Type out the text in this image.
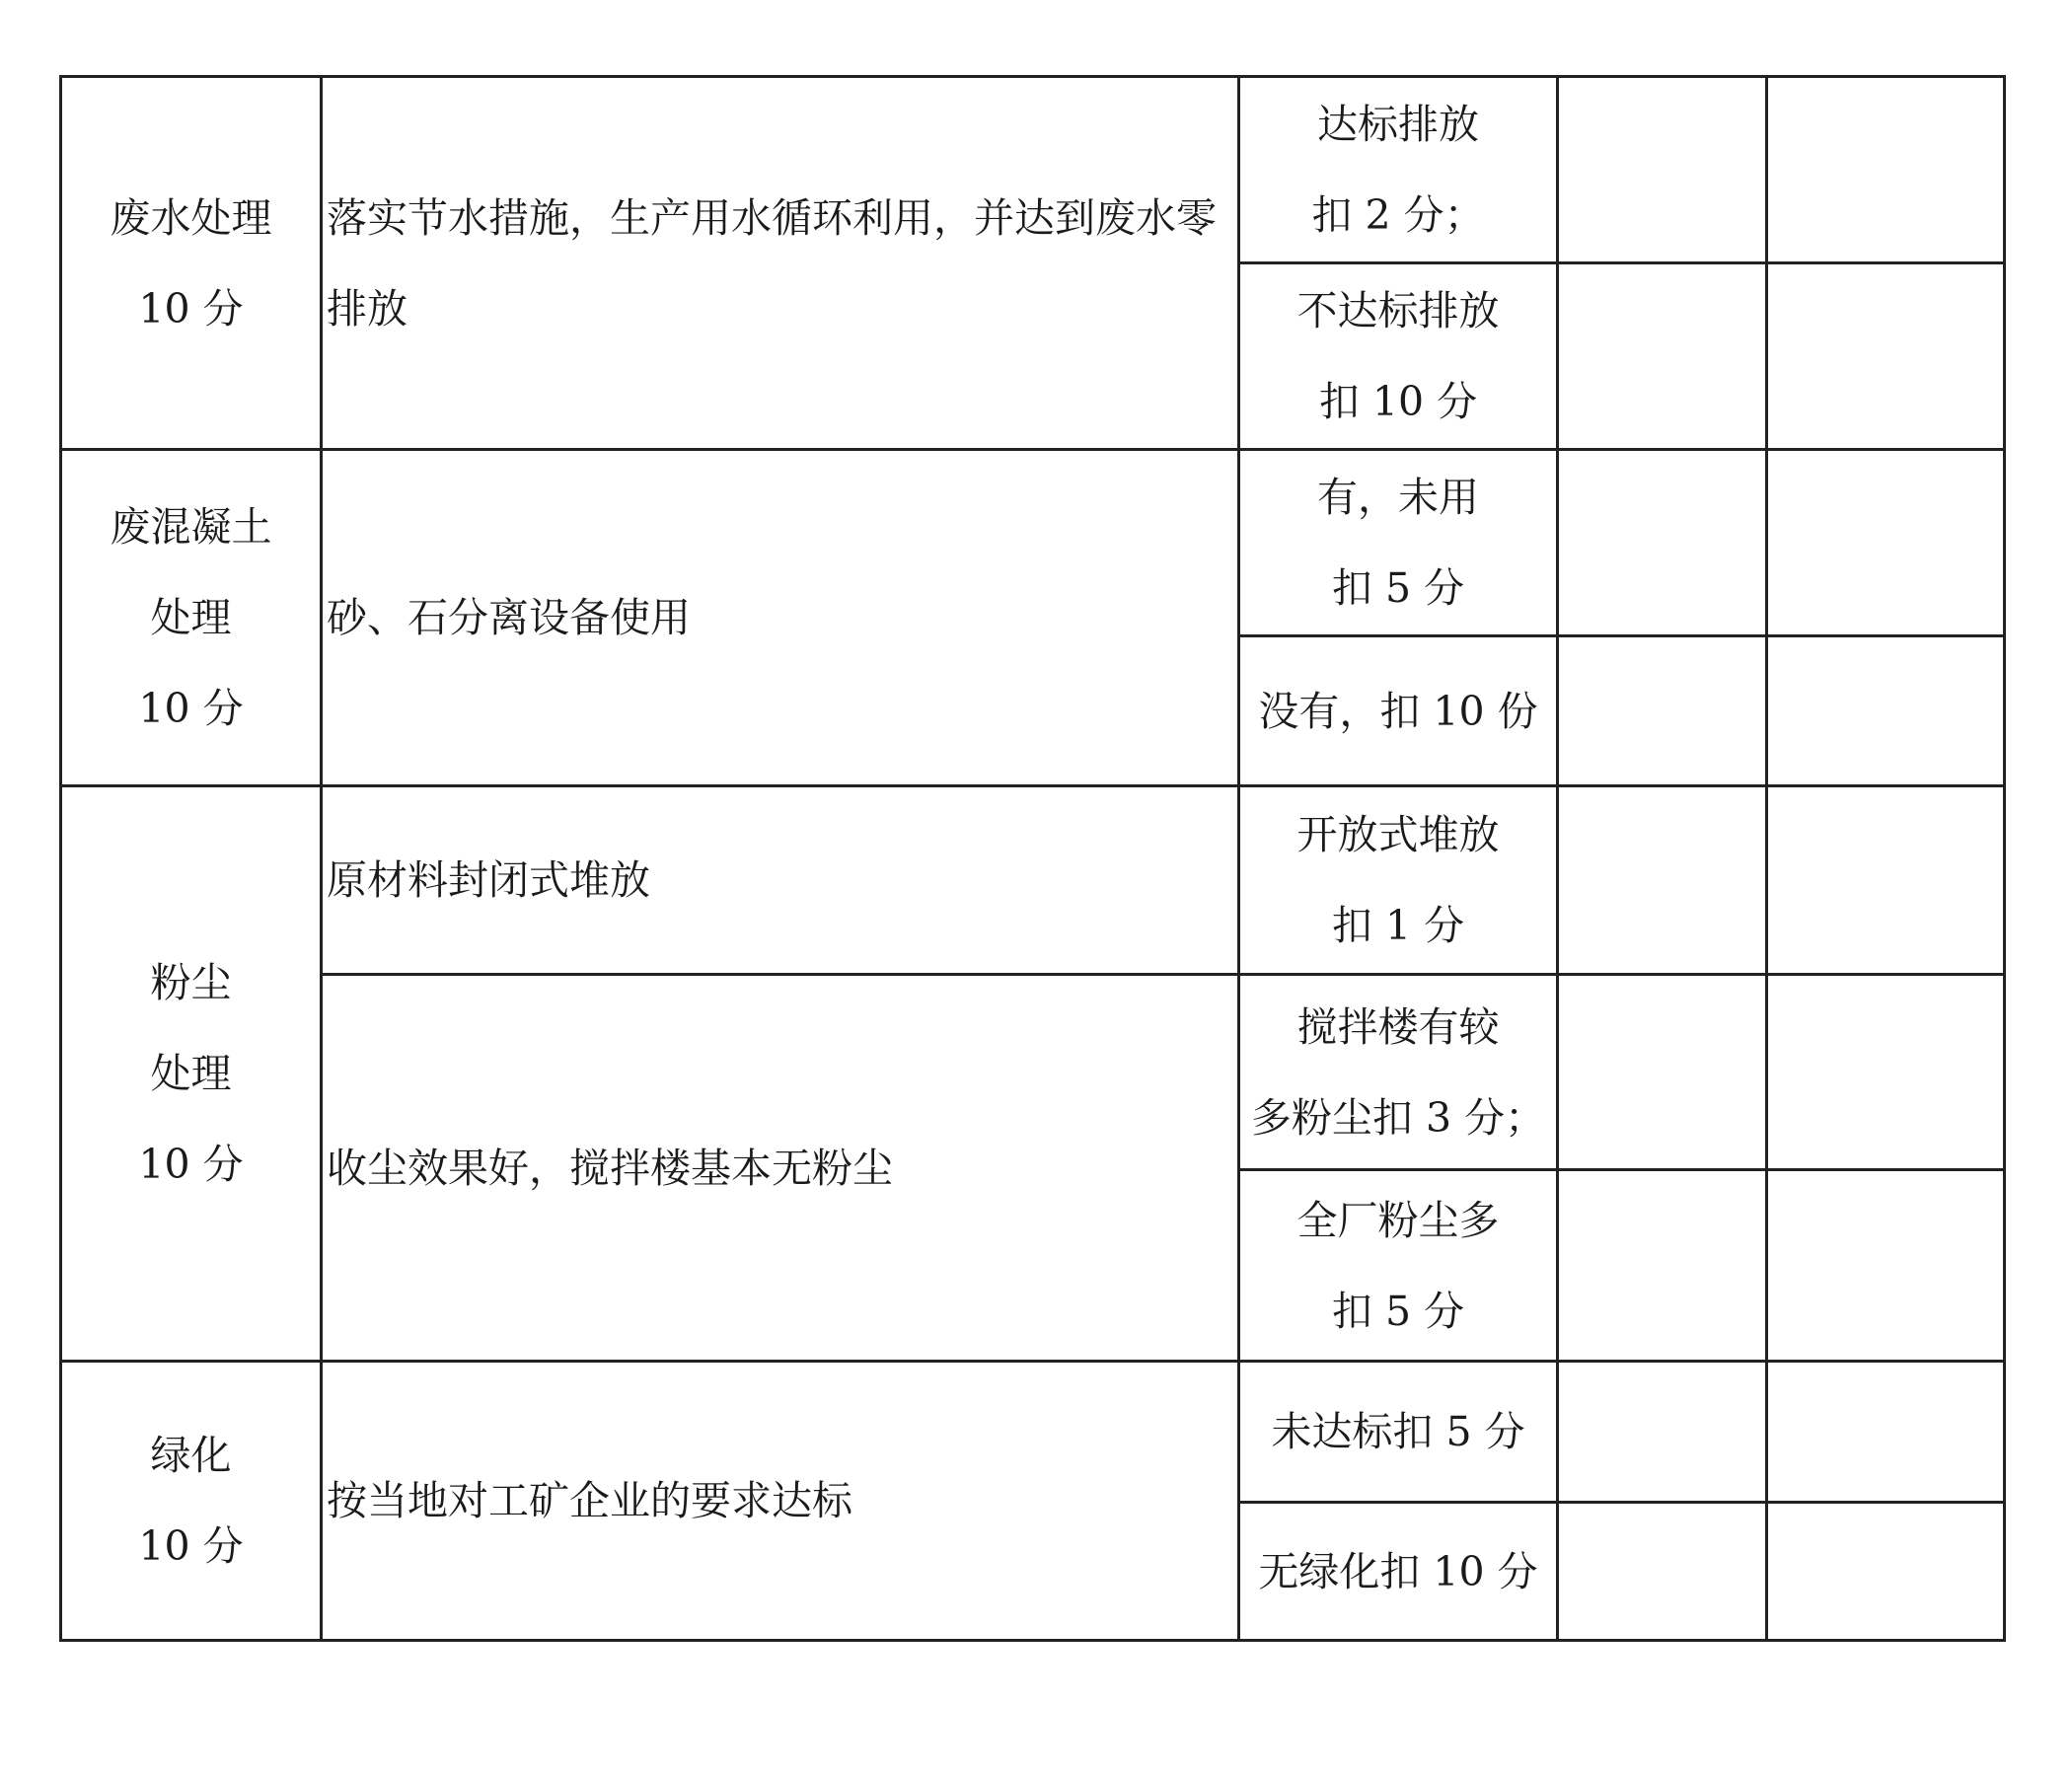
废水处理
10 分	落实节水措施，生产用水循环利用，并达到废水零排放	达标排放
扣 2 分；		

		不达标排放
扣 10 分		

废混凝土
处理
10 分	砂、石分离设备使用	有，未用
扣 5 分		

		没有，扣 10 份		

粉尘
处理
10 分	原材料封闭式堆放	开放式堆放
扣 1 分		

	收尘效果好，搅拌楼基本无粉尘	搅拌楼有较
多粉尘扣 3 分；		

		全厂粉尘多
扣 5 分		

绿化
10 分	按当地对工矿企业的要求达标	未达标扣 5 分		

		无绿化扣 10 分		
